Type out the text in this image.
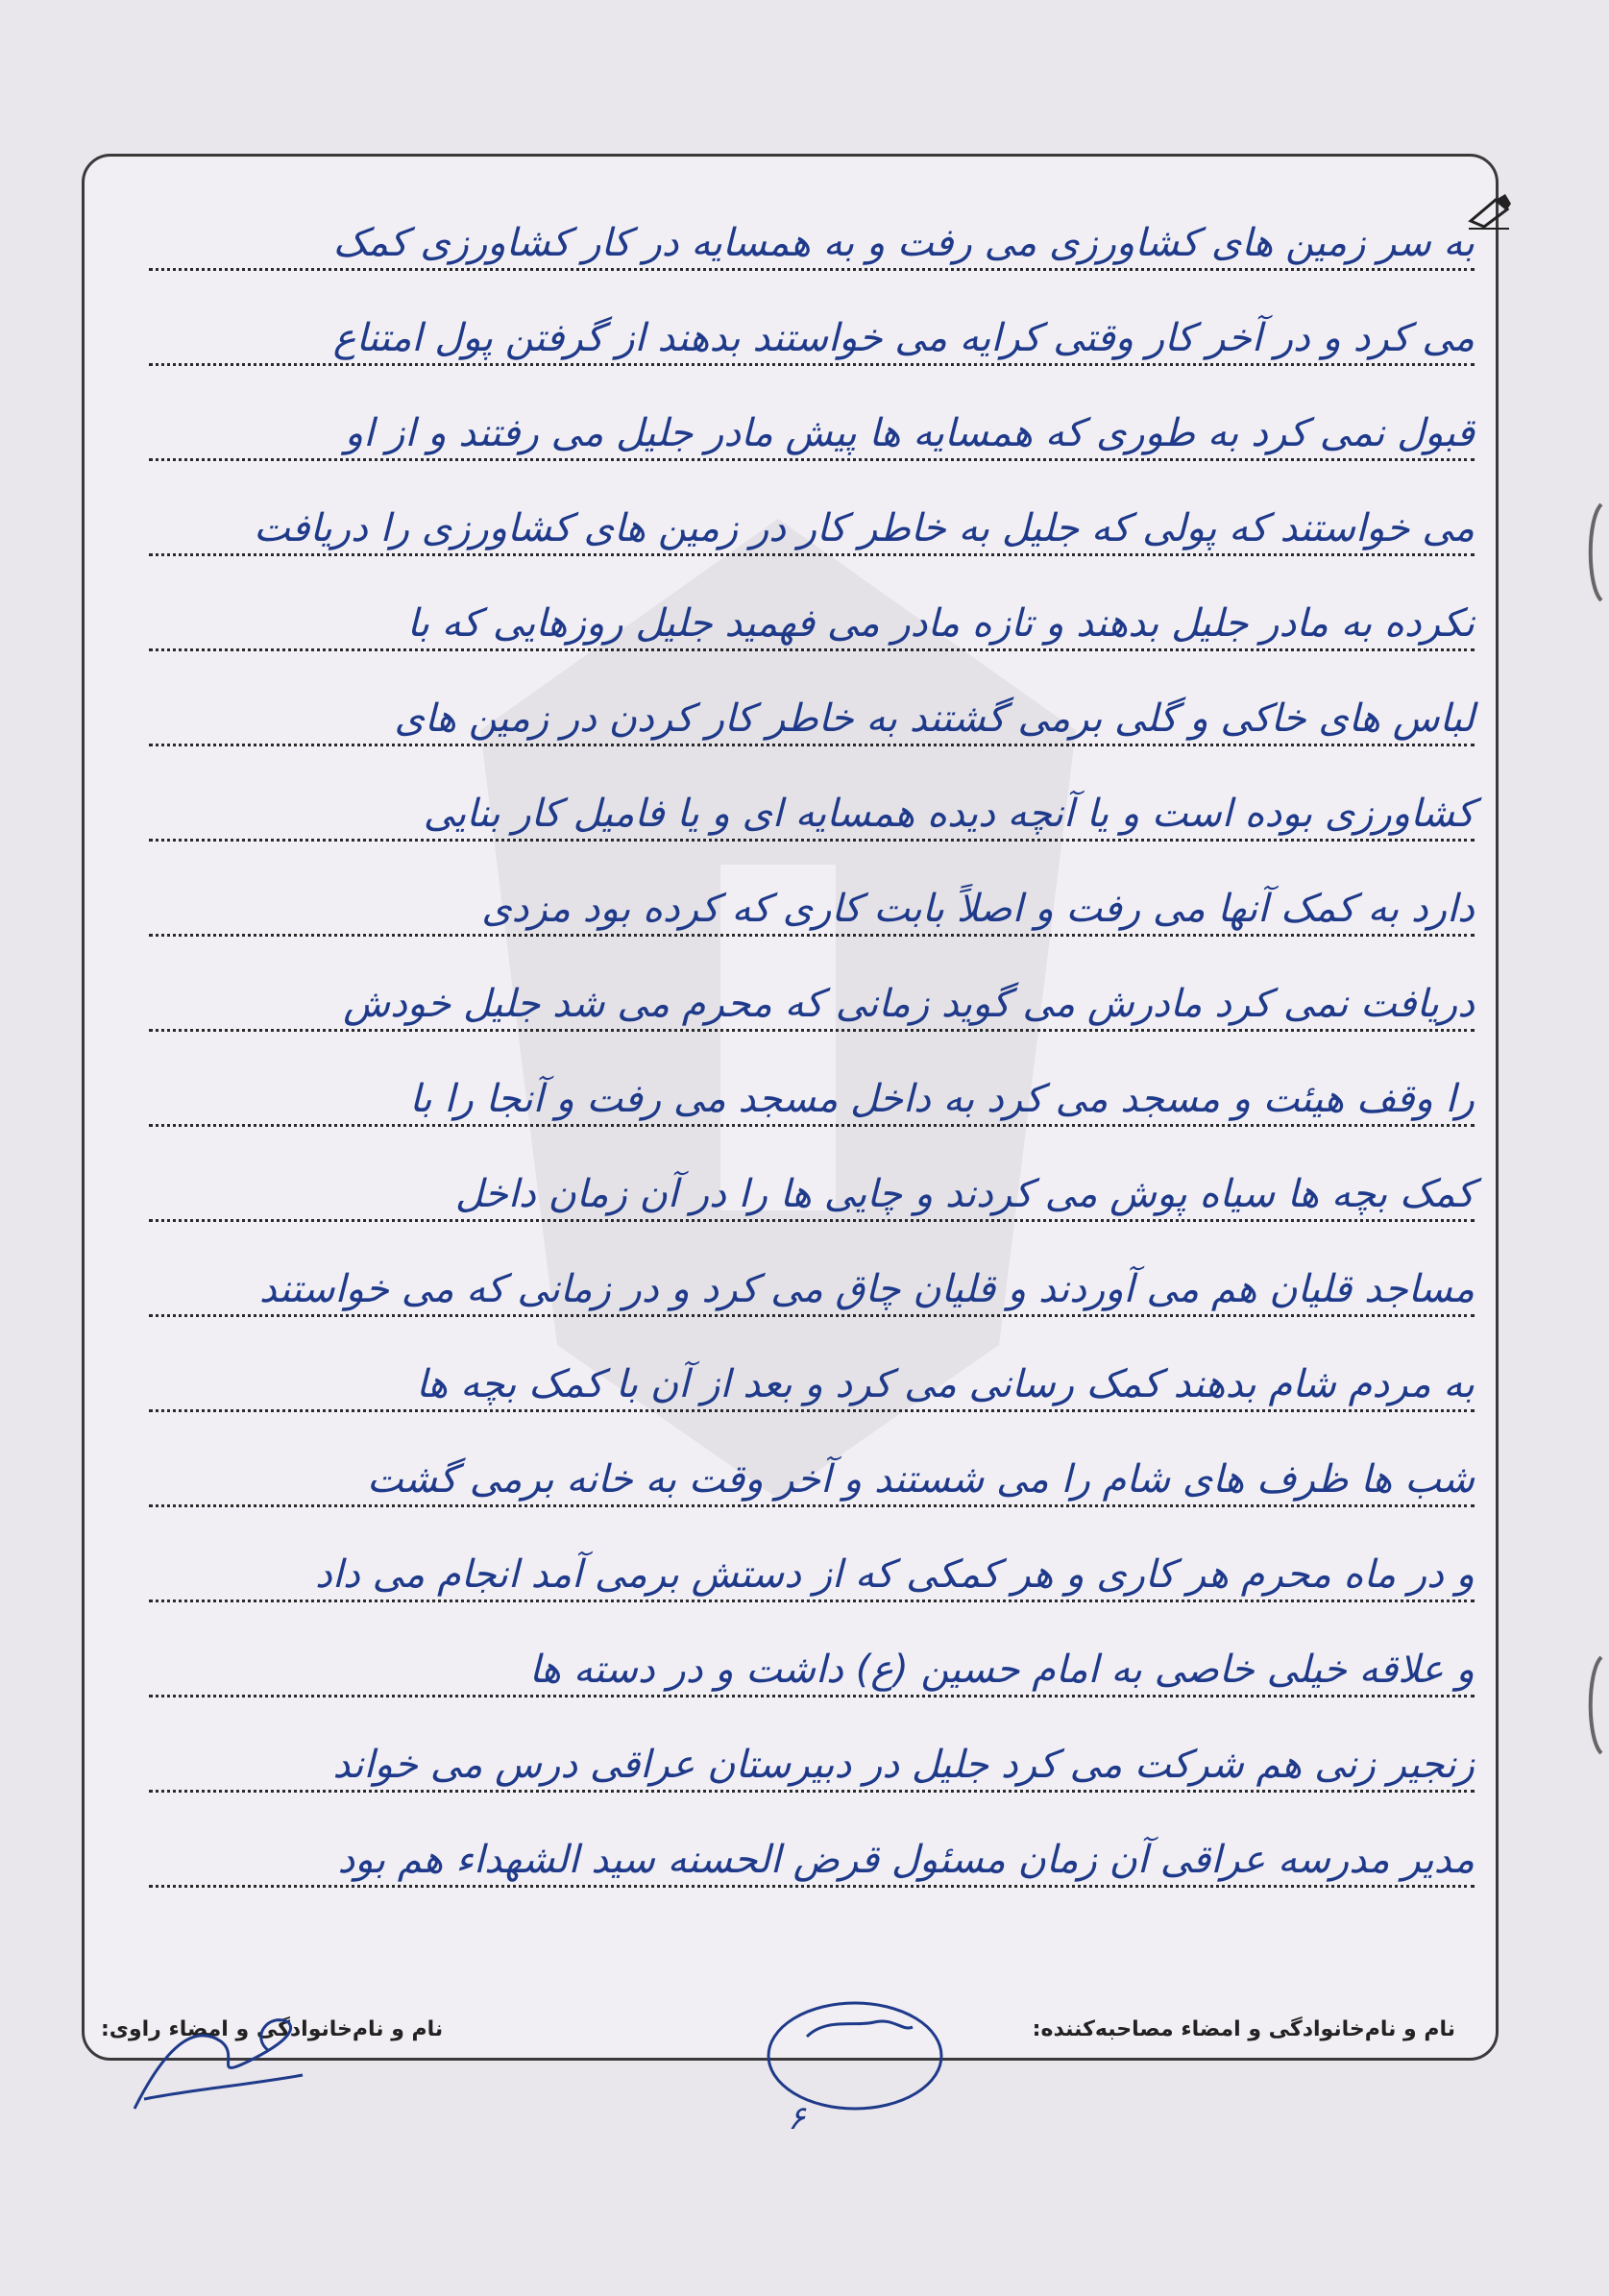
به سر زمین های کشاورزی می رفت و به همسایه در کار کشاورزی کمک
می کرد و در آخر کار وقتی کرایه می خواستند بدهند از گرفتن پول امتناع
قبول نمی کرد به طوری که همسایه ها پیش مادر جلیل می رفتند و از او
می خواستند که پولی که جلیل به خاطر کار در زمین های کشاورزی را دریافت
نکرده به مادر جلیل بدهند و تازه مادر می فهمید جلیل روزهایی که با
لباس های خاکی و گلی برمی گشتند به خاطر کار کردن در زمین های
کشاورزی بوده است و یا آنچه دیده همسایه ای و یا فامیل کار بنایی
دارد به کمک آنها می رفت و اصلاً بابت کاری که کرده بود مزدی
دریافت نمی کرد مادرش می گوید زمانی که محرم می شد جلیل خودش
را وقف هیئت و مسجد می کرد به داخل مسجد می رفت و آنجا را با
کمک بچه ها سیاه پوش می کردند و چایی ها را در آن زمان داخل
مساجد قلیان هم می آوردند و قلیان چاق می کرد و در زمانی که می خواستند
به مردم شام بدهند کمک رسانی می کرد و بعد از آن با کمک بچه ها
شب ها ظرف های شام را می شستند و آخر وقت به خانه برمی گشت
و در ماه محرم هر کاری و هر کمکی که از دستش برمی آمد انجام می داد
و علاقه خیلی خاصی به امام حسین (ع) داشت و در دسته ها
زنجیر زنی هم شرکت می کرد جلیل در دبیرستان عراقی درس می خواند
مدیر مدرسه عراقی آن زمان مسئول قرض الحسنه سید الشهداء هم بود
نام و نام‌خانوادگی و امضاء مصاحبه‌کننده:
نام و نام‌خانوادگی و امضاء راوی:
۶
